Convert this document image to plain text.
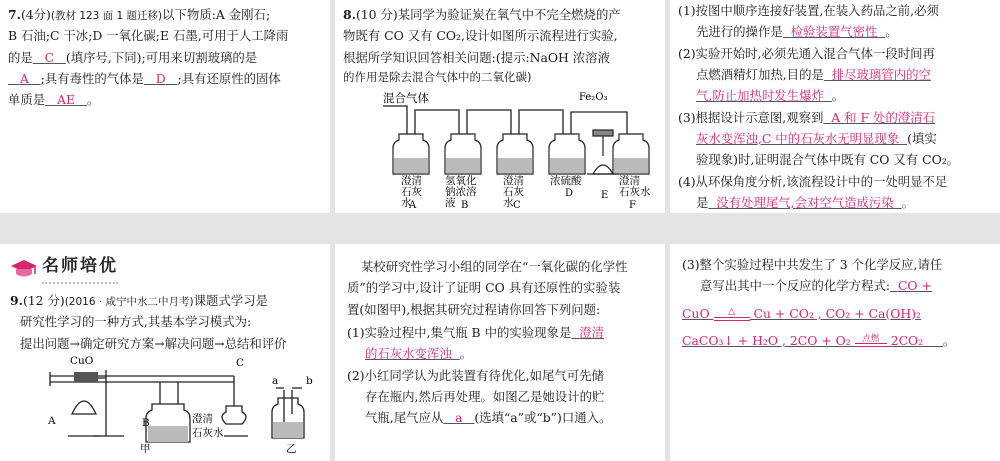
7.(4分)(教材 123 面 1 题迁移)以下物质:A 金刚石;
B 石油;C 干冰;D 一氧化碳;E 石墨,可用于人工降雨
的是 C (填序号,下同);可用来切割玻璃的是
A ;具有毒性的气体是 D ;具有还原性的固体
单质是 AE 。
8.(10 分)某同学为验证炭在氧气中不完全燃烧的产
物既有 CO 又有 CO₂,设计如图所示流程进行实验,
根据所学知识回答相关问题:(提示:NaOH 浓溶液
的作用是除去混合气体中的二氧化碳)
混合气体	Fe₂O₃
澄清
石灰
水
氢氧化
钠浓溶
液
澄清
石灰
水
浓硫酸	澄清
石灰水
A	B	C
D	E
F
(1)按图中顺序连接好装置,在装入药品之前,必须
先进行的操作是 检验装置气密性 。
(2)实验开始时,必须先通入混合气体一段时间再
点燃酒精灯加热,目的是 排尽玻璃管内的空
气,防止加热时发生爆炸 。
(3)根据设计示意图,观察到 A 和 F 处的澄清石
灰水变浑浊,C 中的石灰水无明显现象 (填实
验现象)时,证明混合气体中既有 CO 又有 CO₂。
(4)从环保角度分析,该流程设计中的一处明显不足
是 没有处理尾气,会对空气造成污染 。
名师培优
9.(12 分)(2016 · 咸宁中水二中月考)课题式学习是
研究性学习的一种方式,其基本学习模式为:
提出问题→确定研究方案→解决问题→总结和评价
CuO
A	B
C
澄清
石灰水
a	b
甲	乙
某校研究性学习小组的同学在“一氧化碳的化学性
质”的学习中,设计了证明 CO 具有还原性的实验装
置(如图甲),根据其研究过程请你回答下列问题:
(1)实验过程中,集气瓶 B 中的实验现象是 澄清
的石灰水变浑浊 。
(2)小红同学认为此装置有待优化,如尾气可先储
存在瓶内,然后再处理。如图乙是她设计的贮
气瓶,尾气应从 a (选填“a”或“b”)口通入。
(3)整个实验过程中共发生了 3 个化学反应,请任
意写出其中一个反应的化学方程式: CO +
CuO	△	Cu + CO₂ , CO₂ + Ca(OH)₂
CaCO₃↓ + H₂O , 2CO + O₂	点燃 2CO₂ 。
